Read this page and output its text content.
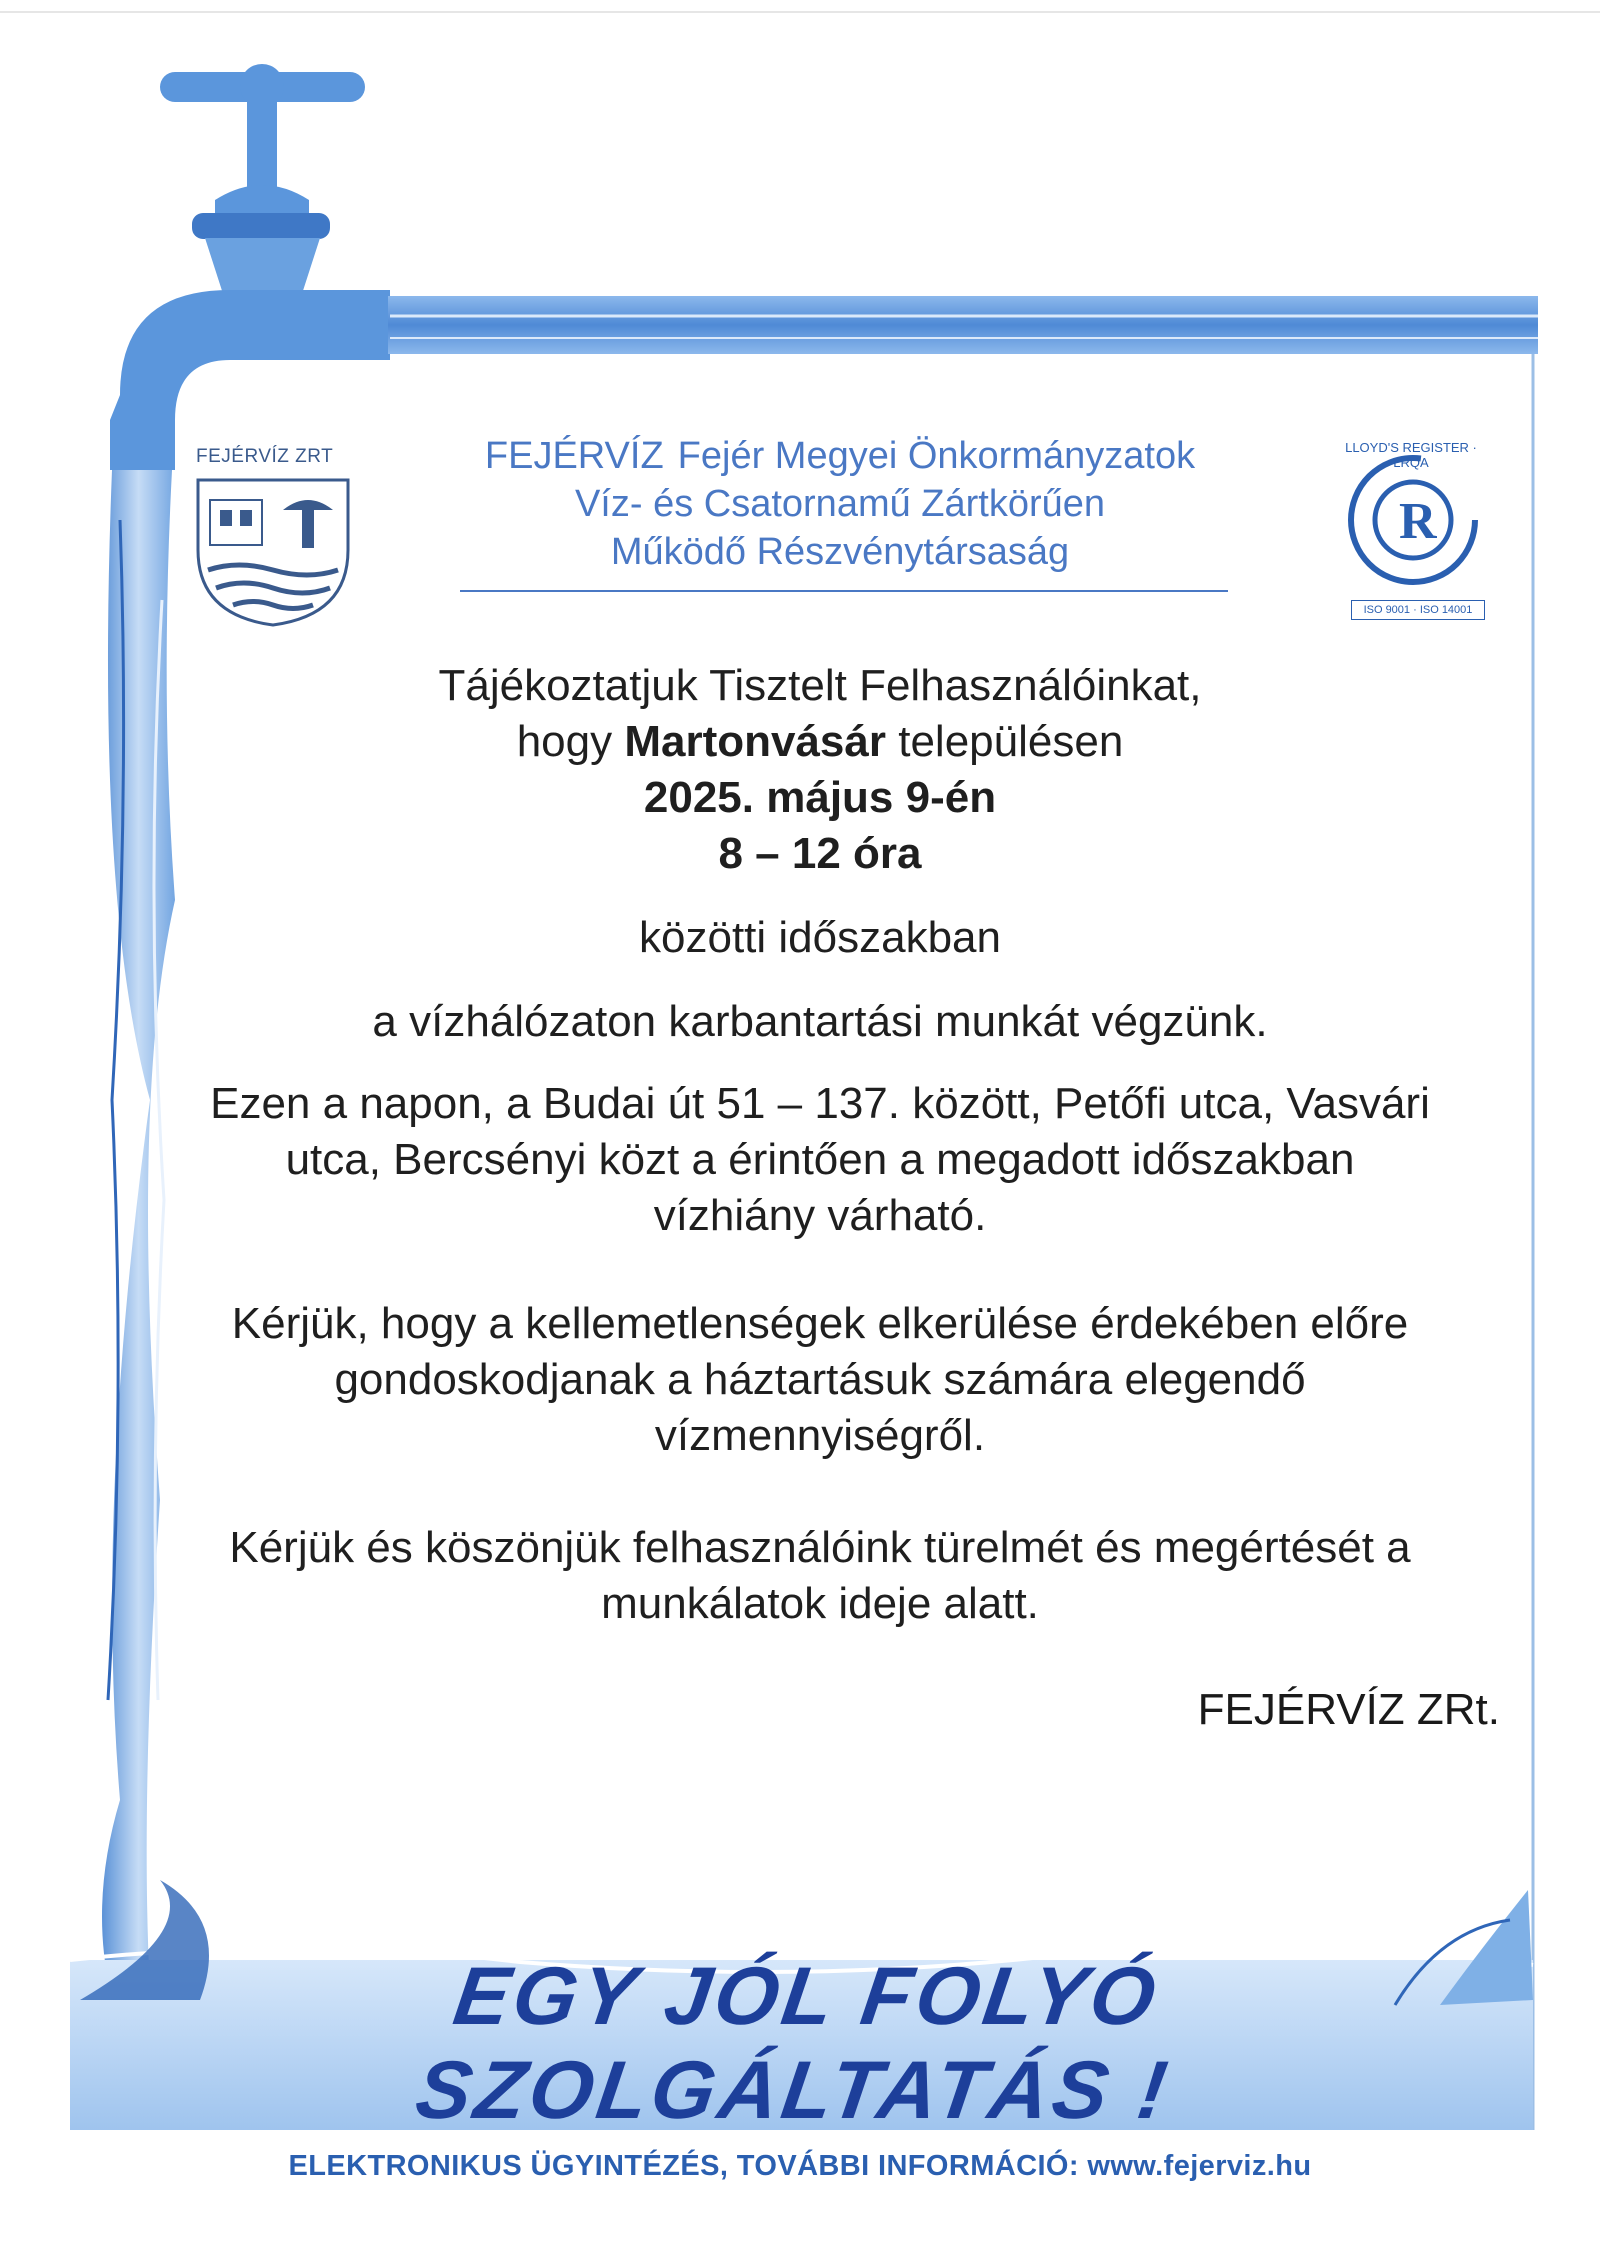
R
FEJÉRVÍZ ZRT	FEJÉRVÍZ Fejér Megyei Önkormányzatok
Víz- és Csatornamű Zártkörűen
Működő Részvénytársaság
LLOYD'S REGISTER · LRQA
ISO 9001 · ISO 14001
Tájékoztatjuk Tisztelt Felhasználóinkat,
hogy Martonvásár településen
2025. május 9-én
8 – 12 óra
közötti időszakban
a vízhálózaton karbantartási munkát végzünk.
Ezen a napon, a Budai út 51 – 137. között, Petőfi utca, Vasvári
utca, Bercsényi közt a érintően a megadott időszakban
vízhiány várható.
Kérjük, hogy a kellemetlenségek elkerülése érdekében előre
gondoskodjanak a háztartásuk számára elegendő
vízmennyiségről.
Kérjük és köszönjük felhasználóink türelmét és megértését a
munkálatok ideje alatt.
FEJÉRVÍZ ZRt.
EGY JÓL FOLYÓ SZOLGÁLTATÁS !
ELEKTRONIKUS ÜGYINTÉZÉS, TOVÁBBI INFORMÁCIÓ: www.fejerviz.hu
